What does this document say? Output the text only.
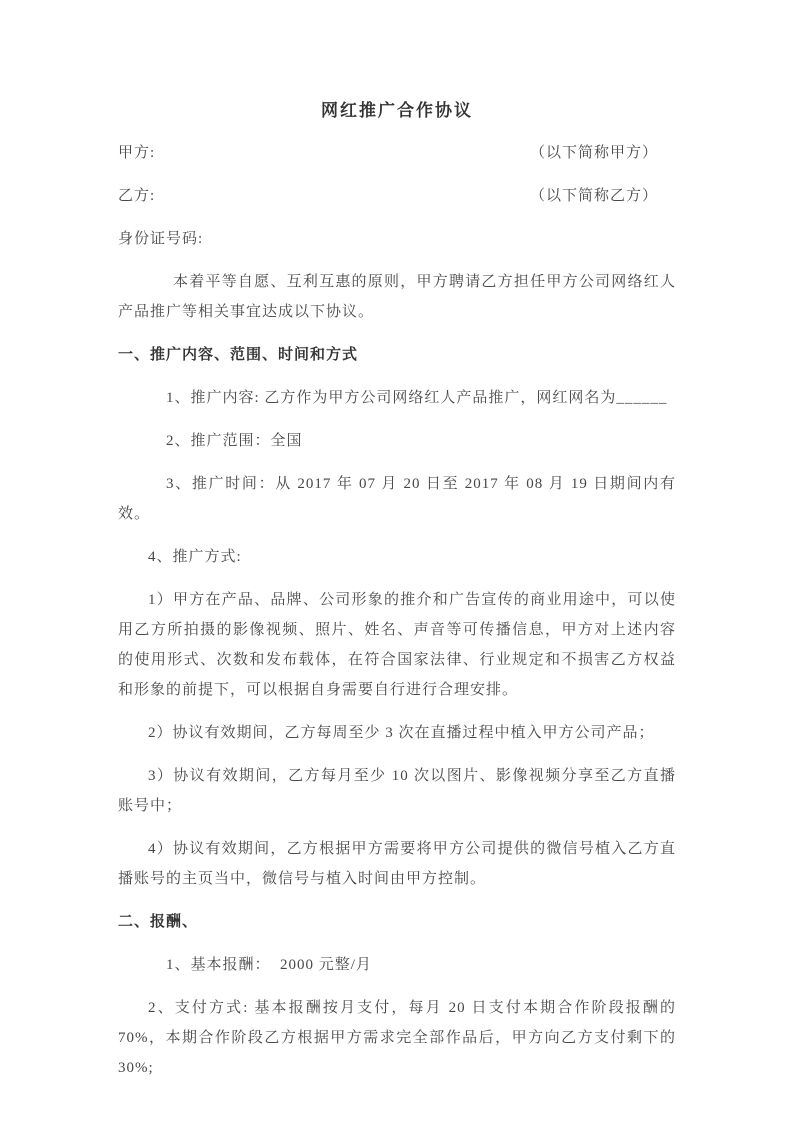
网红推广合作协议
甲方:	（以下简称甲方）
乙方:	（以下简称乙方）
身份证号码:
本着平等自愿、互利互惠的原则，甲方聘请乙方担任甲方公司网络红人产品推广等相关事宜达成以下协议。
一、推广内容、范围、时间和方式
1、推广内容: 乙方作为甲方公司网络红人产品推广，网红网名为______
2、推广范围：全国
3、推广时间：从 2017 年 07 月 20 日至 2017 年 08 月 19 日期间内有效。
4、推广方式:
1）甲方在产品、品牌、公司形象的推介和广告宣传的商业用途中，可以使用乙方所拍摄的影像视频、照片、姓名、声音等可传播信息，甲方对上述内容的使用形式、次数和发布载体，在符合国家法律、行业规定和不损害乙方权益和形象的前提下，可以根据自身需要自行进行合理安排。
2）协议有效期间，乙方每周至少 3 次在直播过程中植入甲方公司产品；
3）协议有效期间，乙方每月至少 10 次以图片、影像视频分享至乙方直播账号中；
4）协议有效期间，乙方根据甲方需要将甲方公司提供的微信号植入乙方直播账号的主页当中，微信号与植入时间由甲方控制。
二、报酬、
1、基本报酬：  2000 元整/月
2、支付方式: 基本报酬按月支付，每月 20 日支付本期合作阶段报酬的 70%，本期合作阶段乙方根据甲方需求完全部作品后，甲方向乙方支付剩下的 30%;
